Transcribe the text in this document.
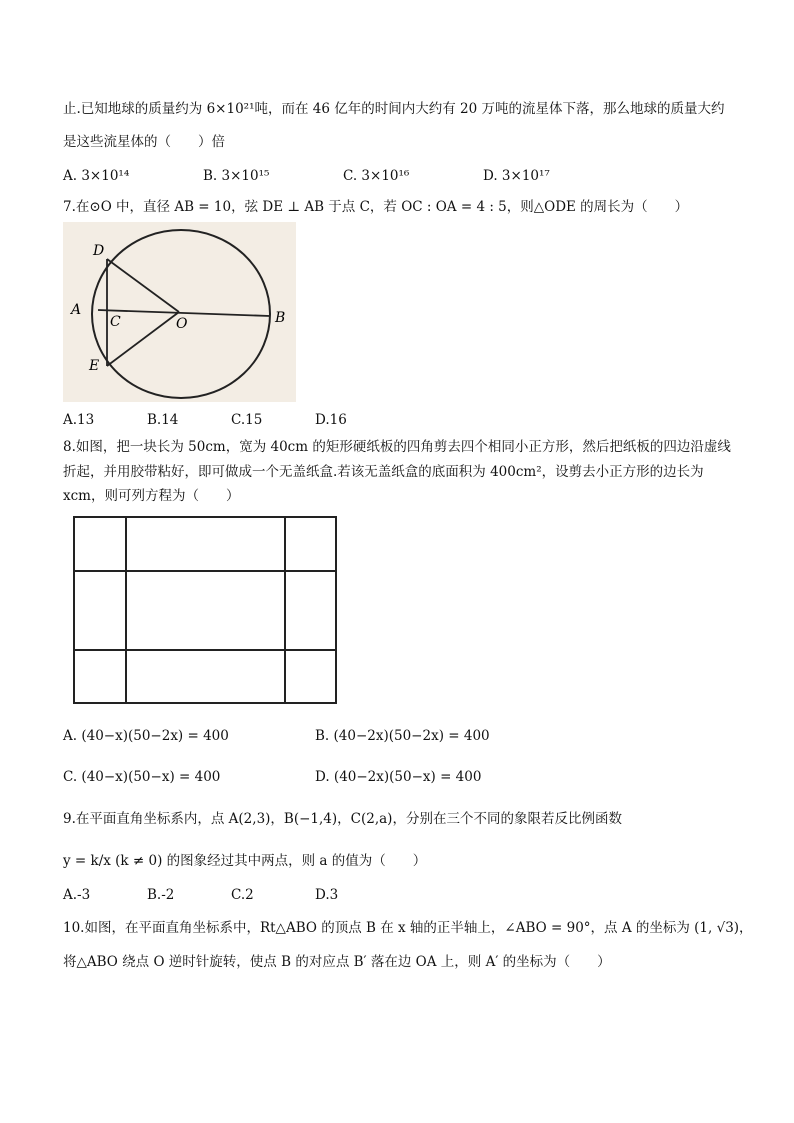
止.已知地球的质量约为 6×10²¹吨，而在 46 亿年的时间内大约有 20 万吨的流星体下落，那么地球的质量大约
是这些流星体的（　　）倍
A. 3×10¹⁴	B. 3×10¹⁵	C. 3×10¹⁶	D. 3×10¹⁷
7.在⊙O 中，直径 AB = 10，弦 DE ⊥ AB 于点 C，若 OC : OA = 4 : 5，则△ODE 的周长为（　　）
D
A
C	O	B
E
A.13	B.14	C.15	D.16
8.如图，把一块长为 50cm，宽为 40cm 的矩形硬纸板的四角剪去四个相同小正方形，然后把纸板的四边沿虚线
折起，并用胶带粘好，即可做成一个无盖纸盒.若该无盖纸盒的底面积为 400cm²，设剪去小正方形的边长为
xcm，则可列方程为（　　）
A. (40−x)(50−2x) = 400	B. (40−2x)(50−2x) = 400
C. (40−x)(50−x) = 400	D. (40−2x)(50−x) = 400
9.在平面直角坐标系内，点 A(2,3)，B(−1,4)，C(2,a)，分别在三个不同的象限若反比例函数
y = k/x (k ≠ 0) 的图象经过其中两点，则 a 的值为（　　）
A.-3	B.-2	C.2	D.3
10.如图，在平面直角坐标系中，Rt△ABO 的顶点 B 在 x 轴的正半轴上，∠ABO = 90°，点 A 的坐标为 (1, √3)，
将△ABO 绕点 O 逆时针旋转，使点 B 的对应点 B′ 落在边 OA 上，则 A′ 的坐标为（　　）
